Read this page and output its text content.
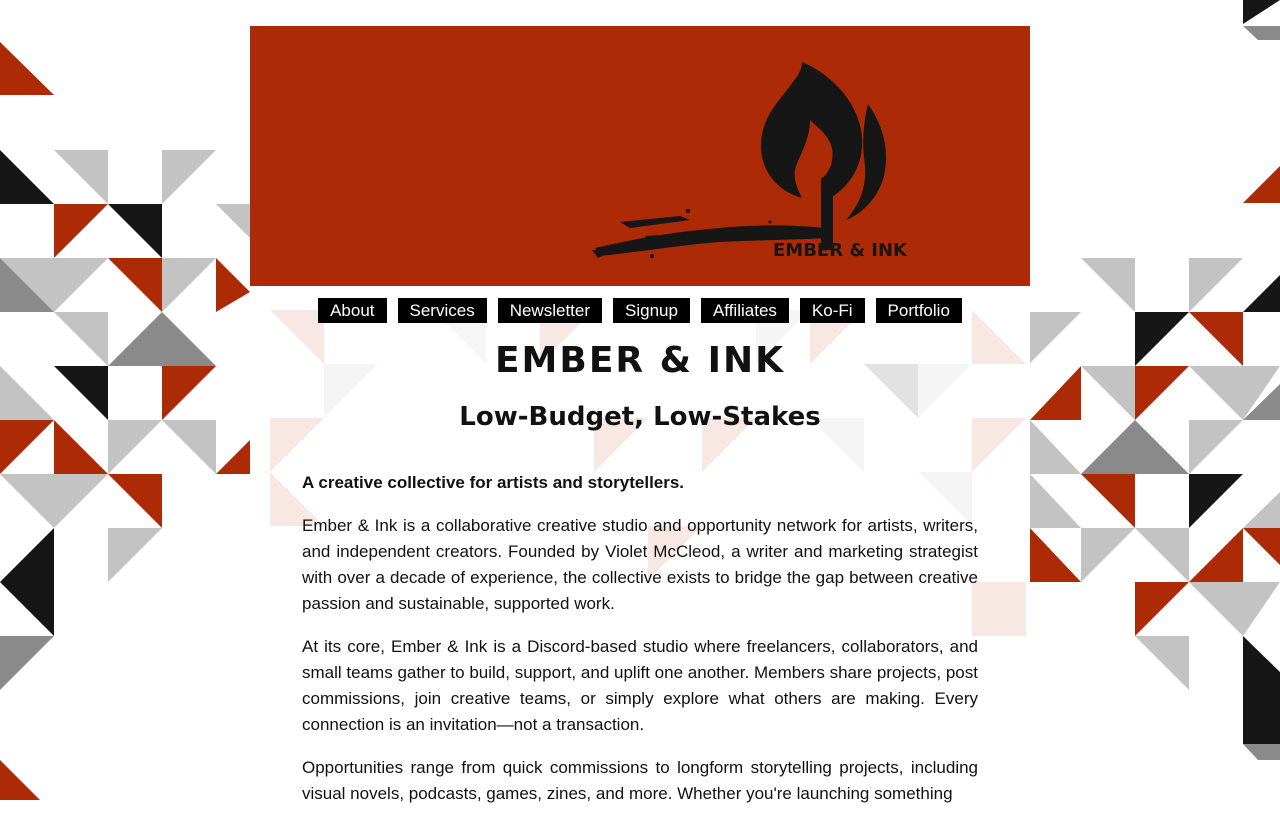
EMBER & INK
About	Services	Newsletter	Signup	Affiliates	Ko-Fi	Portfolio
EMBER & INK
Low-Budget, Low-Stakes

A creative collective for artists and storytellers.

Ember & Ink is a collaborative creative studio and opportunity network for artists, writers, and independent creators. Founded by Violet McCleod, a writer and marketing strategist with over a decade of experience, the collective exists to bridge the gap between creative passion and sustainable, supported work.

At its core, Ember & Ink is a Discord-based studio where freelancers, collaborators, and small teams gather to build, support, and uplift one another. Members share projects, post commissions, join creative teams, or simply explore what others are making. Every connection is an invitation—not a transaction.

Opportunities range from quick commissions to longform storytelling projects, including visual novels, podcasts, games, zines, and more. Whether you're launching something
